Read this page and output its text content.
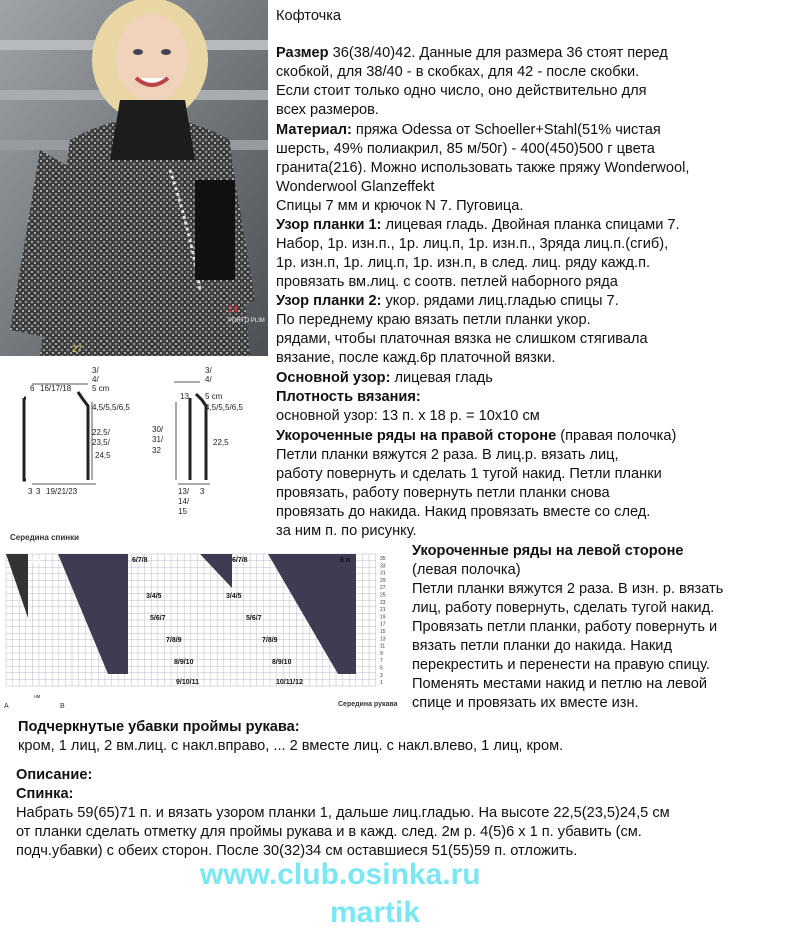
24
PORTO PLIM
27
6 16/17/18
3/
4/
5 cm
4,5/5,5/6,5
22,5/
23,5/
24,5
3 3 19/21/23
3/
4/
13 5 cm
4,5/5,5/6,5
30/
31/
32
22,5
3
13/
14/
15
Середина спинки
6/7/8	6/7/8
3/4/5	3/4/5
5/6/7	5/6/7
7/8/9	7/8/9
8/9/10	8/9/10
9/10/11	10/11/12
6 п
3 п	35
33
31
29
27
25
23
21
19
17
15
13
11
9
7
5
3
1
А
нм
В	Середина рукава
Кофточка
Размер 36(38/40)42. Данные для размера 36 стоят перед
скобкой, для 38/40 - в скобках, для 42 - после скобки.
Если стоит только одно число, оно действительно для
всех размеров.
Материал: пряжа Odessa от Schoeller+Stahl(51% чистая
шерсть, 49% полиакрил, 85 м/50г) - 400(450)500 г цвета
гранита(216). Можно использовать также пряжу Wonderwool,
Wonderwool Glanzeffekt
Спицы 7 мм и крючок N 7. Пуговица.
Узор планки 1: лицевая гладь. Двойная планка спицами 7.
Набор, 1р. изн.п., 1р. лиц.п, 1р. изн.п., 3ряда лиц.п.(сгиб),
1р. изн.п, 1р. лиц.п, 1р. изн.п, в след. лиц. ряду кажд.п.
провязать вм.лиц. с соотв. петлей наборного ряда
Узор планки 2: укор. рядами лиц.гладью спицы 7.
По переднему краю вязать петли планки укор.
рядами, чтобы платочная вязка не слишком стягивала
вязание, после кажд.6р платочной вязки.
Основной узор: лицевая гладь
Плотность вязания:
основной узор: 13 п. х 18 р. = 10х10 см
Укороченные ряды на правой стороне (правая полочка)
Петли планки вяжутся 2 раза. В лиц.р. вязать лиц,
работу повернуть и сделать 1 тугой накид. Петли планки
провязать, работу повернуть петли планки снова
провязать до накида. Накид провязать вместе со след.
за ним п. по рисунку.
Укороченные ряды на левой стороне
(левая полочка)
Петли планки вяжутся 2 раза. В изн. р. вязать
лиц, работу повернуть, сделать тугой накид.
Провязать петли планки, работу повернуть и
вязать петли планки до накида. Накид
перекрестить и перенести на правую спицу.
Поменять местами накид и петлю на левой
спице и провязать их вместе изн.
Подчеркнутые убавки проймы рукава:
кром, 1 лиц, 2 вм.лиц. с накл.вправо, ... 2 вместе лиц. с накл.влево, 1 лиц, кром.
Описание:
Спинка:
Набрать 59(65)71 п. и вязать узором планки 1, дальше лиц.гладью. На высоте 22,5(23,5)24,5 см
от планки сделать отметку для проймы рукава и в кажд. след. 2м р. 4(5)6 х 1 п. убавить (см.
подч.убавки) с обеих сторон. После 30(32)34 см оставшиеся 51(55)59 п. отложить.
www.club.osinka.ru
martik
